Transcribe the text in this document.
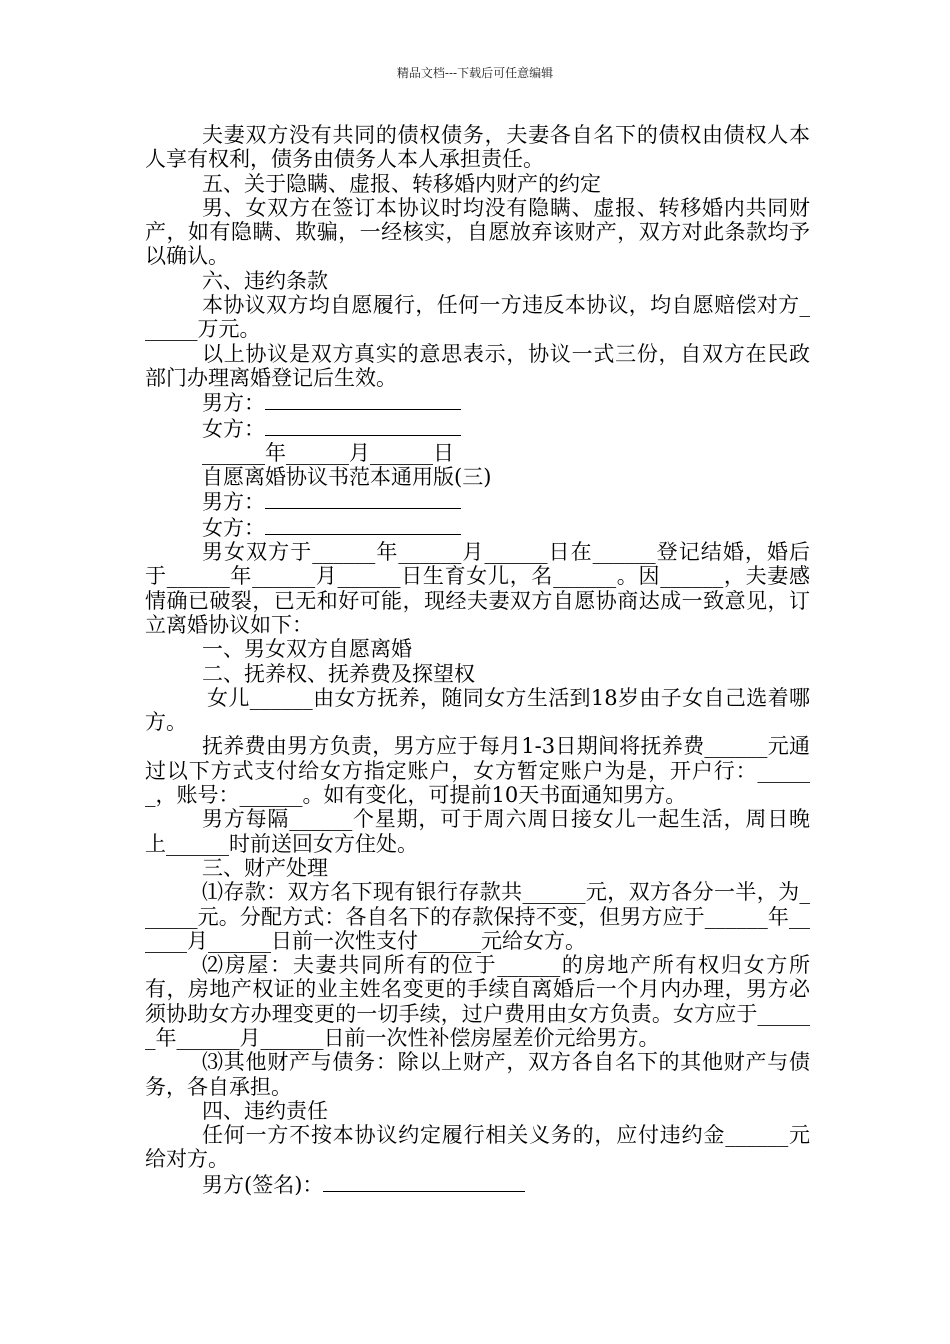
精品文档---下载后可任意编辑

夫妻双方没有共同的债权债务，夫妻各自名下的债权由债权人本人享有权利，债务由债务人本人承担责任。

五、关于隐瞒、虚报、转移婚内财产的约定

男、女双方在签订本协议时均没有隐瞒、虚报、转移婚内共同财产，如有隐瞒、欺骗，一经核实，自愿放弃该财产，双方对此条款均予以确认。

六、违约条款

本协议双方均自愿履行，任何一方违反本协议，均自愿赔偿对方______万元。

以上协议是双方真实的意思表示，协议一式三份，自双方在民政部门办理离婚登记后生效。

男方：
女方：
______年______月______日

自愿离婚协议书范本通用版(三)

男方：
女方：

男女双方于______年______月______日在______登记结婚，婚后于______年______月______日生育女儿，名______。因______，夫妻感情确已破裂，已无和好可能，现经夫妻双方自愿协商达成一致意见，订立离婚协议如下：

一、男女双方自愿离婚

二、抚养权、抚养费及探望权

女儿______由女方抚养，随同女方生活到18岁由子女自己选着哪方。

抚养费由男方负责，男方应于每月1-3日期间将抚养费______元通过以下方式支付给女方指定账户，女方暂定账户为是，开户行：______，账号：______。如有变化，可提前10天书面通知男方。

男方每隔______个星期，可于周六周日接女儿一起生活，周日晚上______时前送回女方住处。

三、财产处理

⑴存款：双方名下现有银行存款共______元，双方各分一半，为______元。分配方式：各自名下的存款保持不变，但男方应于______年______月______日前一次性支付______元给女方。

⑵房屋：夫妻共同所有的位于______的房地产所有权归女方所有，房地产权证的业主姓名变更的手续自离婚后一个月内办理，男方必须协助女方办理变更的一切手续，过户费用由女方负责。女方应于______年______月______日前一次性补偿房屋差价元给男方。

⑶其他财产与债务：除以上财产，双方各自名下的其他财产与债务，各自承担。

四、违约责任

任何一方不按本协议约定履行相关义务的，应付违约金______元给对方。

男方(签名)：
